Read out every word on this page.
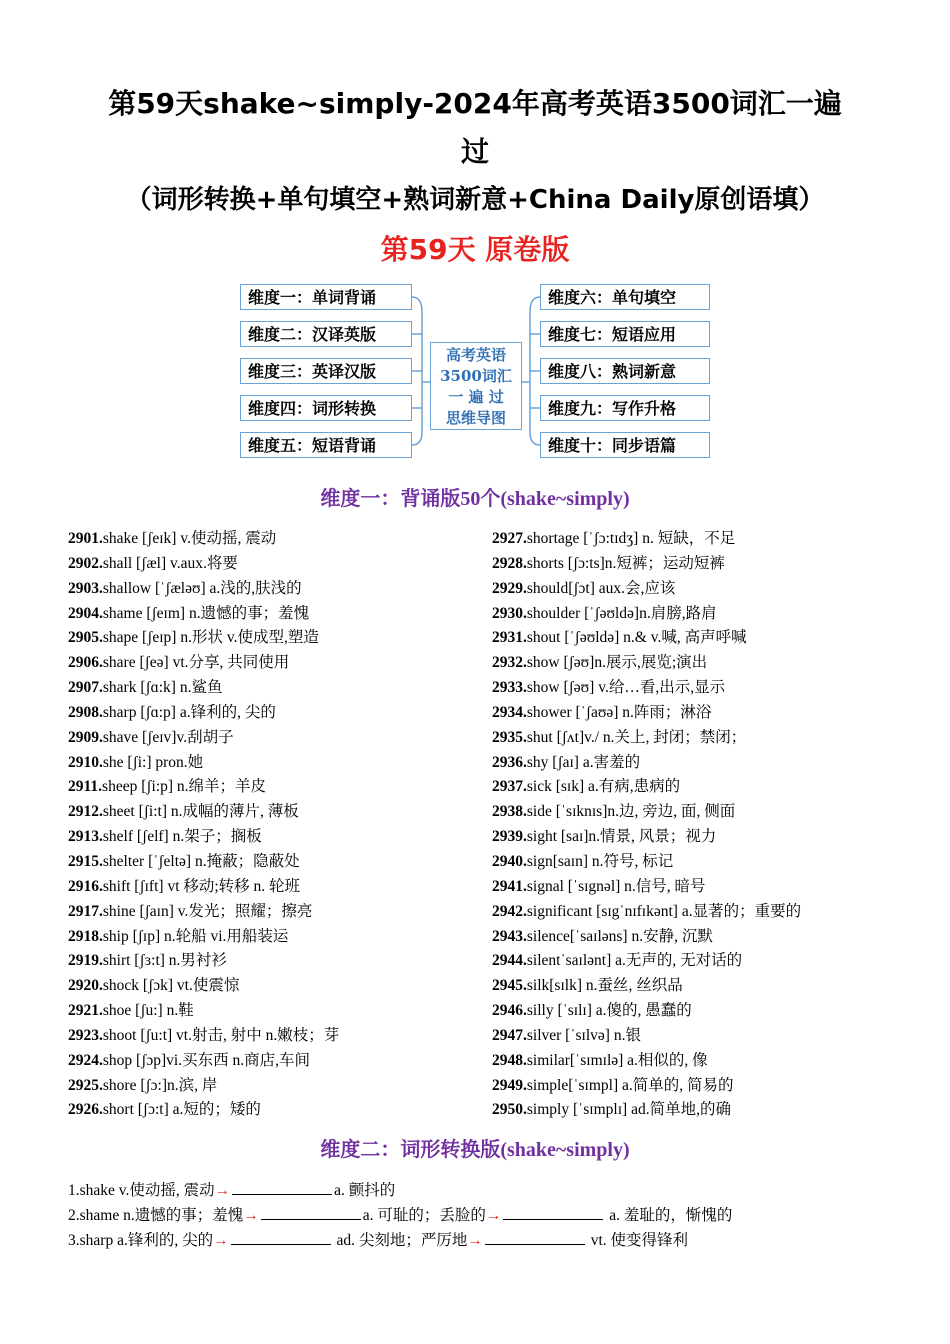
第59天shake~simply-2024年高考英语3500词汇一遍
过
（词形转换+单句填空+熟词新意+China Daily原创语填）
第59天 原卷版
维度一：单词背诵
维度二：汉译英版
维度三：英译汉版
维度四：词形转换
维度五：短语背诵
高考英语
3500词汇
一 遍 过
思维导图
维度六：单句填空
维度七：短语应用
维度八：熟词新意
维度九：写作升格
维度十：同步语篇
维度一：背诵版50个(shake~simply)
2901.shake [ʃeɪk] v.使动摇, 震动
2902.shall [ʃæl] v.aux.将要
2903.shallow [ˈʃæləʊ] a.浅的,肤浅的
2904.shame [ʃeɪm] n.遗憾的事；羞愧
2905.shape [ʃeɪp] n.形状 v.使成型,塑造
2906.share [ʃeə] vt.分享, 共同使用
2907.shark [ʃɑ:k] n.鲨鱼
2908.sharp [ʃɑ:p] a.锋利的, 尖的
2909.shave [ʃeɪv]v.刮胡子
2910.she [ʃi:] pron.她
2911.sheep [ʃi:p] n.绵羊；羊皮
2912.sheet [ʃi:t] n.成幅的薄片, 薄板
2913.shelf [ʃelf] n.架子；搁板
2915.shelter [ˈʃeltə] n.掩蔽；隐蔽处
2916.shift [ʃɪft] vt 移动;转移 n. 轮班
2917.shine [ʃaɪn] v.发光；照耀；擦亮
2918.ship [ʃɪp] n.轮船 vi.用船装运
2919.shirt [ʃɜ:t] n.男衬衫
2920.shock [ʃɔk] vt.使震惊
2921.shoe [ʃu:] n.鞋
2923.shoot [ʃu:t] vt.射击, 射中 n.嫩枝；芽
2924.shop [ʃɔp]vi.买东西 n.商店,车间
2925.shore [ʃɔ:]n.滨, 岸
2926.short [ʃɔ:t] a.短的；矮的
2927.shortage [ˈʃɔ:tɪdʒ] n. 短缺，不足
2928.shorts [ʃɔ:ts]n.短裤；运动短裤
2929.should[ʃɔt] aux.会,应该
2930.shoulder [ˈʃəʊldə]n.肩膀,路肩
2931.shout [ˈʃəʊldə] n.& v.喊, 高声呼喊
2932.show [ʃəʊ]n.展示,展览;演出
2933.show [ʃəʊ] v.给…看,出示,显示
2934.shower [ˈʃaʊə] n.阵雨；淋浴
2935.shut [ʃʌt]v./ n.关上, 封闭；禁闭；
2936.shy [ʃaɪ] a.害羞的
2937.sick [sɪk] a.有病,患病的
2938.side [ˈsɪknɪs]n.边, 旁边, 面, 侧面
2939.sight [saɪ]n.情景, 风景；视力
2940.sign[saɪn] n.符号, 标记
2941.signal [ˈsɪgnəl] n.信号, 暗号
2942.significant [sɪgˈnɪfɪkənt] a.显著的；重要的
2943.silence[ˈsaɪləns] n.安静, 沉默
2944.silentˈsaɪlənt] a.无声的, 无对话的
2945.silk[sɪlk] n.蚕丝, 丝织品
2946.silly [ˈsɪlɪ] a.傻的, 愚蠢的
2947.silver [ˈsɪlvə] n.银
2948.similar[ˈsɪmɪlə] a.相似的, 像
2949.simple[ˈsɪmpl] a.简单的, 简易的
2950.simply [ˈsɪmplɪ] ad.简单地,的确
维度二：词形转换版(shake~simply)
1.shake v.使动摇, 震动→	a. 颤抖的
2.shame n.遗憾的事；羞愧→	a. 可耻的；丢脸的→	a. 羞耻的，惭愧的
3.sharp a.锋利的, 尖的→	ad. 尖刻地；严厉地→	vt. 使变得锋利
